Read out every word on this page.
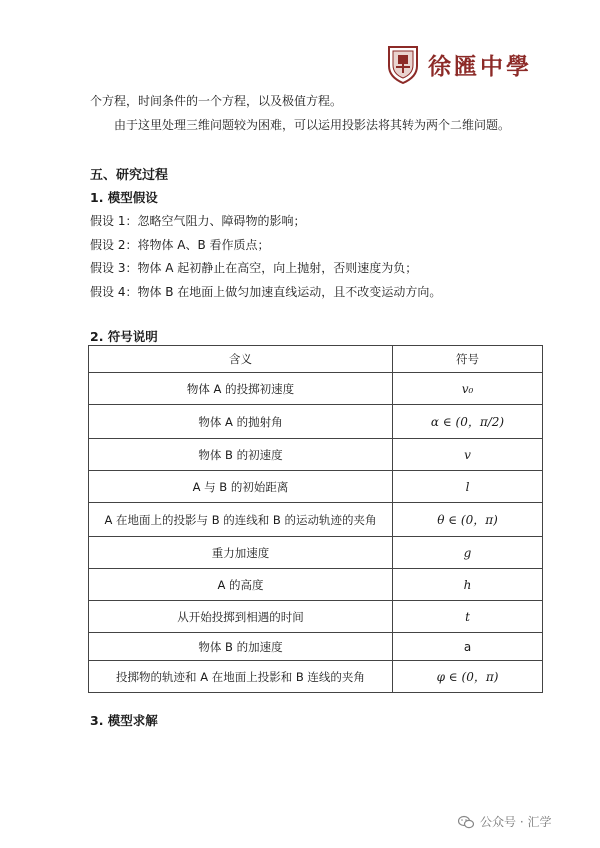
徐匯中學
个方程，时间条件的一个方程，以及极值方程。
由于这里处理三维问题较为困难，可以运用投影法将其转为两个二维问题。
五、研究过程
1. 模型假设
假设 1：忽略空气阻力、障碍物的影响；
假设 2：将物体 A、B 看作质点；
假设 3：物体 A 起初静止在高空，向上抛射，否则速度为负；
假设 4：物体 B 在地面上做匀加速直线运动，且不改变运动方向。
2. 符号说明
含义	符号
物体 A 的投掷初速度	v₀
物体 A 的抛射角	α ∈ (0，π/2)
物体 B 的初速度	v
A 与 B 的初始距离	l
A 在地面上的投影与 B 的连线和 B 的运动轨迹的夹角	θ ∈ (0，π)
重力加速度	g
A 的高度	h
从开始投掷到相遇的时间	t
物体 B 的加速度	a
投掷物的轨迹和 A 在地面上投影和 B 连线的夹角	φ ∈ (0，π)
3. 模型求解
公众号 · 汇学
